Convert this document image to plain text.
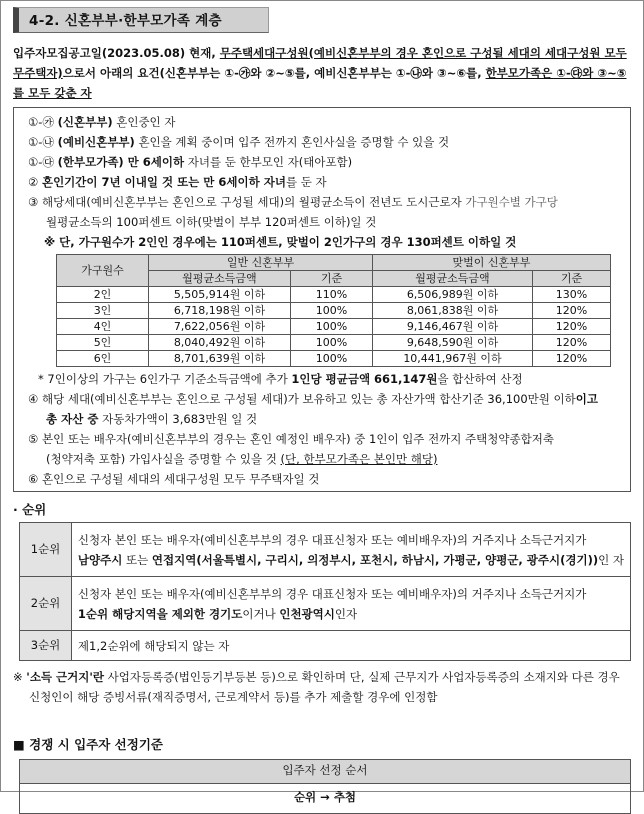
4-2. 신혼부부·한부모가족 계층
입주자모집공고일(2023.05.08) 현재, 무주택세대구성원(예비신혼부부의 경우 혼인으로 구성될 세대의 세대구성원 모두 무주택자)으로서 아래의 요건(신혼부부는 ①-㉮와 ②~⑤를, 예비신혼부부는 ①-㉯와 ③~⑥를, 한부모가족은 ①-㉰와 ③~⑤를 모두 갖춘 자
①-㉮ (신혼부부) 혼인중인 자
①-㉯ (예비신혼부부) 혼인을 계획 중이며 입주 전까지 혼인사실을 증명할 수 있을 것
①-㉰ (한부모가족) 만 6세이하 자녀를 둔 한부모인 자(태아포함)
② 혼인기간이 7년 이내일 것 또는 만 6세이하 자녀를 둔 자
③ 해당세대(예비신혼부부는 혼인으로 구성될 세대)의 월평균소득이 전년도 도시근로자 가구원수별 가구당
월평균소득의 100퍼센트 이하(맞벌이 부부 120퍼센트 이하)일 것
※ 단, 가구원수가 2인인 경우에는 110퍼센트, 맞벌이 2인가구의 경우 130퍼센트 이하일 것
가구원수	일반 신혼부부		맞벌이 신혼부부	
	월평균소득금액	기준	월평균소득금액	기준
2인	5,505,914원 이하	110%	6,506,989원 이하	130%
3인	6,718,198원 이하	100%	8,061,838원 이하	120%
4인	7,622,056원 이하	100%	9,146,467원 이하	120%
5인	8,040,492원 이하	100%	9,648,590원 이하	120%
6인	8,701,639원 이하	100%	10,441,967원 이하	120%
* 7인이상의 가구는 6인가구 기준소득금액에 추가 1인당 평균금액 661,147원을 합산하여 산정
④ 해당 세대(예비신혼부부는 혼인으로 구성될 세대)가 보유하고 있는 총 자산가액 합산기준 36,100만원 이하이고
총 자산 중 자동차가액이 3,683만원 일 것
⑤ 본인 또는 배우자(예비신혼부부의 경우는 혼인 예정인 배우자) 중 1인이 입주 전까지 주택청약종합저축
(청약저축 포함) 가입사실을 증명할 수 있을 것 (단, 한부모가족은 본인만 해당)
⑥ 혼인으로 구성될 세대의 세대구성원 모두 무주택자일 것
· 순위
1순위	신청자 본인 또는 배우자(예비신혼부부의 경우 대표신청자 또는 예비배우자)의 거주지나 소득근거지가
남양주시 또는 연접지역(서울특별시, 구리시, 의정부시, 포천시, 하남시, 가평군, 양평군, 광주시(경기))인 자

2순위	신청자 본인 또는 배우자(예비신혼부부의 경우 대표신청자 또는 예비배우자)의 거주지나 소득근거지가
1순위 해당지역을 제외한 경기도이거나 인천광역시인자

3순위	제1,2순위에 해당되지 않는 자
※ '소득 근거지'란 사업자등록증(법인등기부등본 등)으로 확인하며 단, 실제 근무지가 사업자등록증의 소재지와 다른 경우
신청인이 해당 증빙서류(재직증명서, 근로계약서 등)를 추가 제출할 경우에 인정함
■ 경쟁 시 입주자 선정기준
입주자 선정 순서
순위 → 추첨
